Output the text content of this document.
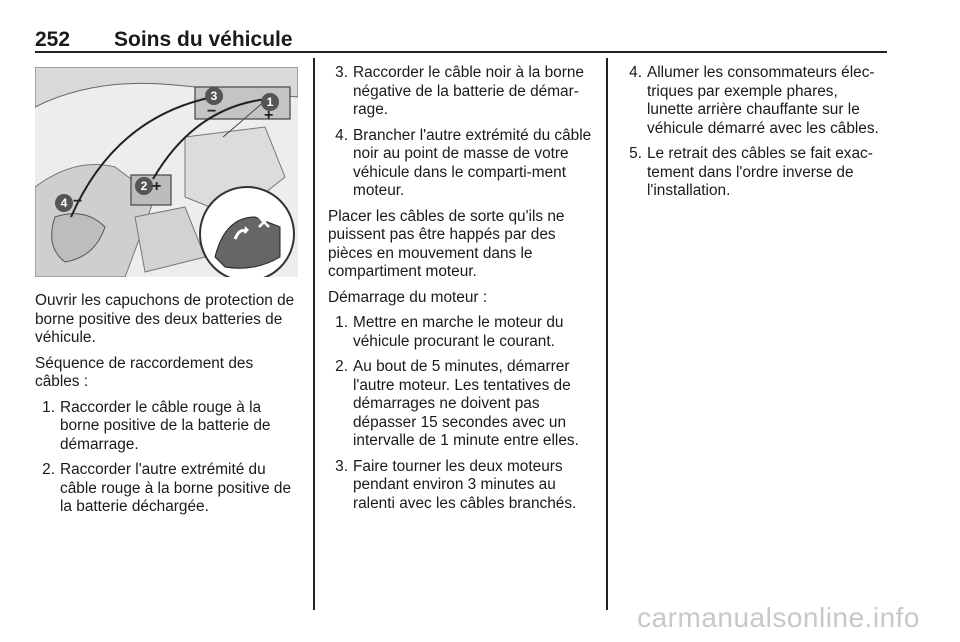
252 Soins du véhicule
1
3
2
4
+
−
+
−

Ouvrir les capuchons de protection de borne positive des deux batteries de véhicule.

Séquence de raccordement des câbles :

1. Raccorder le câble rouge à la borne positive de la batterie de démarrage.
2. Raccorder l'autre extrémité du câble rouge à la borne positive de la batterie déchargée.
3. Raccorder le câble noir à la borne négative de la batterie de démar-rage.
4. Brancher l'autre extrémité du câble noir au point de masse de votre véhicule dans le comparti-ment moteur.

Placer les câbles de sorte qu'ils ne puissent pas être happés par des pièces en mouvement dans le compartiment moteur.

Démarrage du moteur :

1. Mettre en marche le moteur du véhicule procurant le courant.
2. Au bout de 5 minutes, démarrer l'autre moteur. Les tentatives de démarrages ne doivent pas dépasser 15 secondes avec un intervalle de 1 minute entre elles.
3. Faire tourner les deux moteurs pendant environ 3 minutes au ralenti avec les câbles branchés.
4. Allumer les consommateurs élec-triques par exemple phares, lunette arrière chauffante sur le véhicule démarré avec les câbles.
5. Le retrait des câbles se fait exac-tement dans l'ordre inverse de l'installation.
carmanualsonline.info
